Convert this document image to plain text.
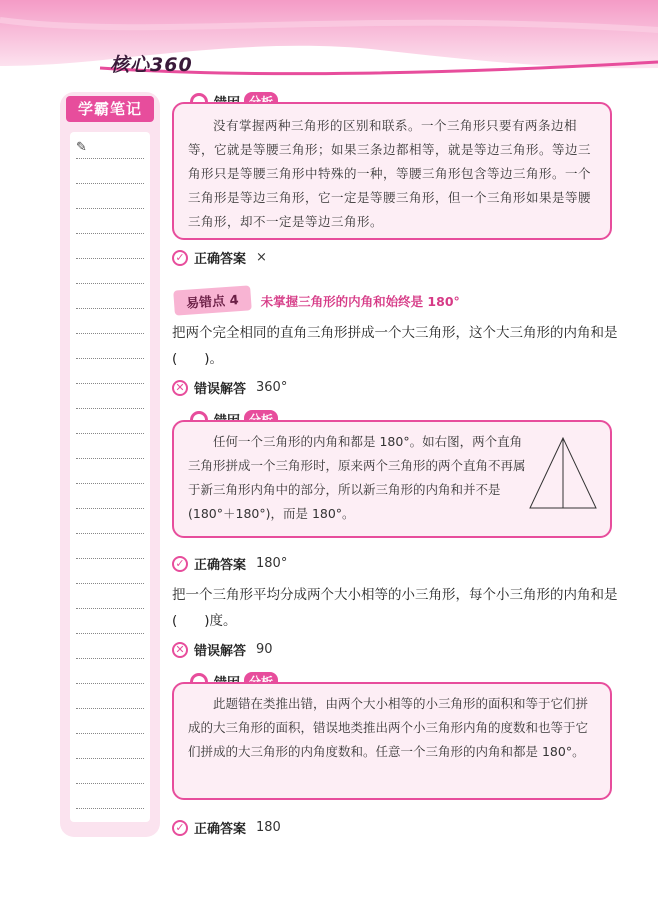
核心360
学霸笔记
✎
没有掌握两种三角形的区别和联系。一个三角形只要有两条边相等，它就是等腰三角形；如果三条边都相等，就是等边三角形。等边三角形只是等腰三角形中特殊的一种，等腰三角形包含等边三角形。一个三角形是等边三角形，它一定是等腰三角形，但一个三角形如果是等腰三角形，却不一定是等边三角形。
✓ 正确答案 ×
易错点 4	未掌握三角形的内角和始终是 180°
把两个完全相同的直角三角形拼成一个大三角形，这个大三角形的内角和是(　　)。
✕ 错误解答 360°
任何一个三角形的内角和都是 180°。如右图，两个直角三角形拼成一个三角形时，原来两个三角形的两个直角不再属于新三角形内角中的部分，所以新三角形的内角和并不是(180°＋180°)，而是 180°。
✓ 正确答案 180°
把一个三角形平均分成两个大小相等的小三角形，每个小三角形的内角和是(　　)度。
✕ 错误解答 90
此题错在类推出错，由两个大小相等的小三角形的面积和等于它们拼成的大三角形的面积，错误地类推出两个小三角形内角的度数和也等于它们拼成的大三角形的内角度数和。任意一个三角形的内角和都是 180°。
✓ 正确答案 180
